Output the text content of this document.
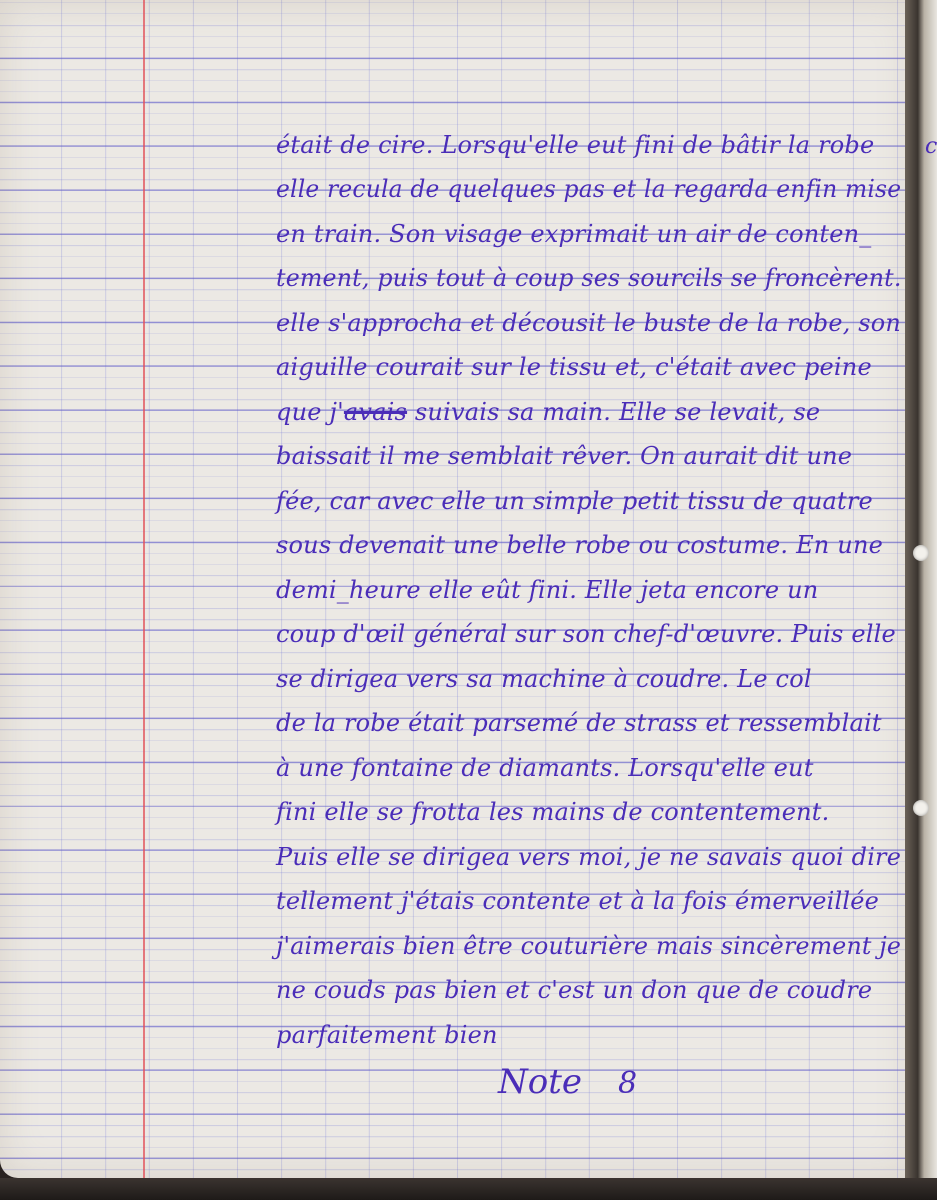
était de cire. Lorsqu'elle eut fini de bâtir la robe
elle recula de quelques pas et la regarda enfin mise
en train. Son visage exprimait un air de conten_
tement, puis tout à coup ses sourcils se froncèrent.
elle s'approcha et décousit le buste de la robe, son
aiguille courait sur le tissu et, c'était avec peine
que j'avais suivais sa main. Elle se levait, se
baissait il me semblait rêver. On aurait dit une
fée, car avec elle un simple petit tissu de quatre
sous devenait une belle robe ou costume. En une
demi_heure elle eût fini. Elle jeta encore un
coup d'œil général sur son chef-d'œuvre. Puis elle
se dirigea vers sa machine à coudre. Le col
de la robe était parsemé de strass et ressemblait
à une fontaine de diamants. Lorsqu'elle eut
fini elle se frotta les mains de contentement.
Puis elle se dirigea vers moi, je ne savais quoi dire
tellement j'étais contente et à la fois émerveillée
j'aimerais bien être couturière mais sincèrement je
ne couds pas bien et c'est un don que de coudre
parfaitement bien
Note 8
c
